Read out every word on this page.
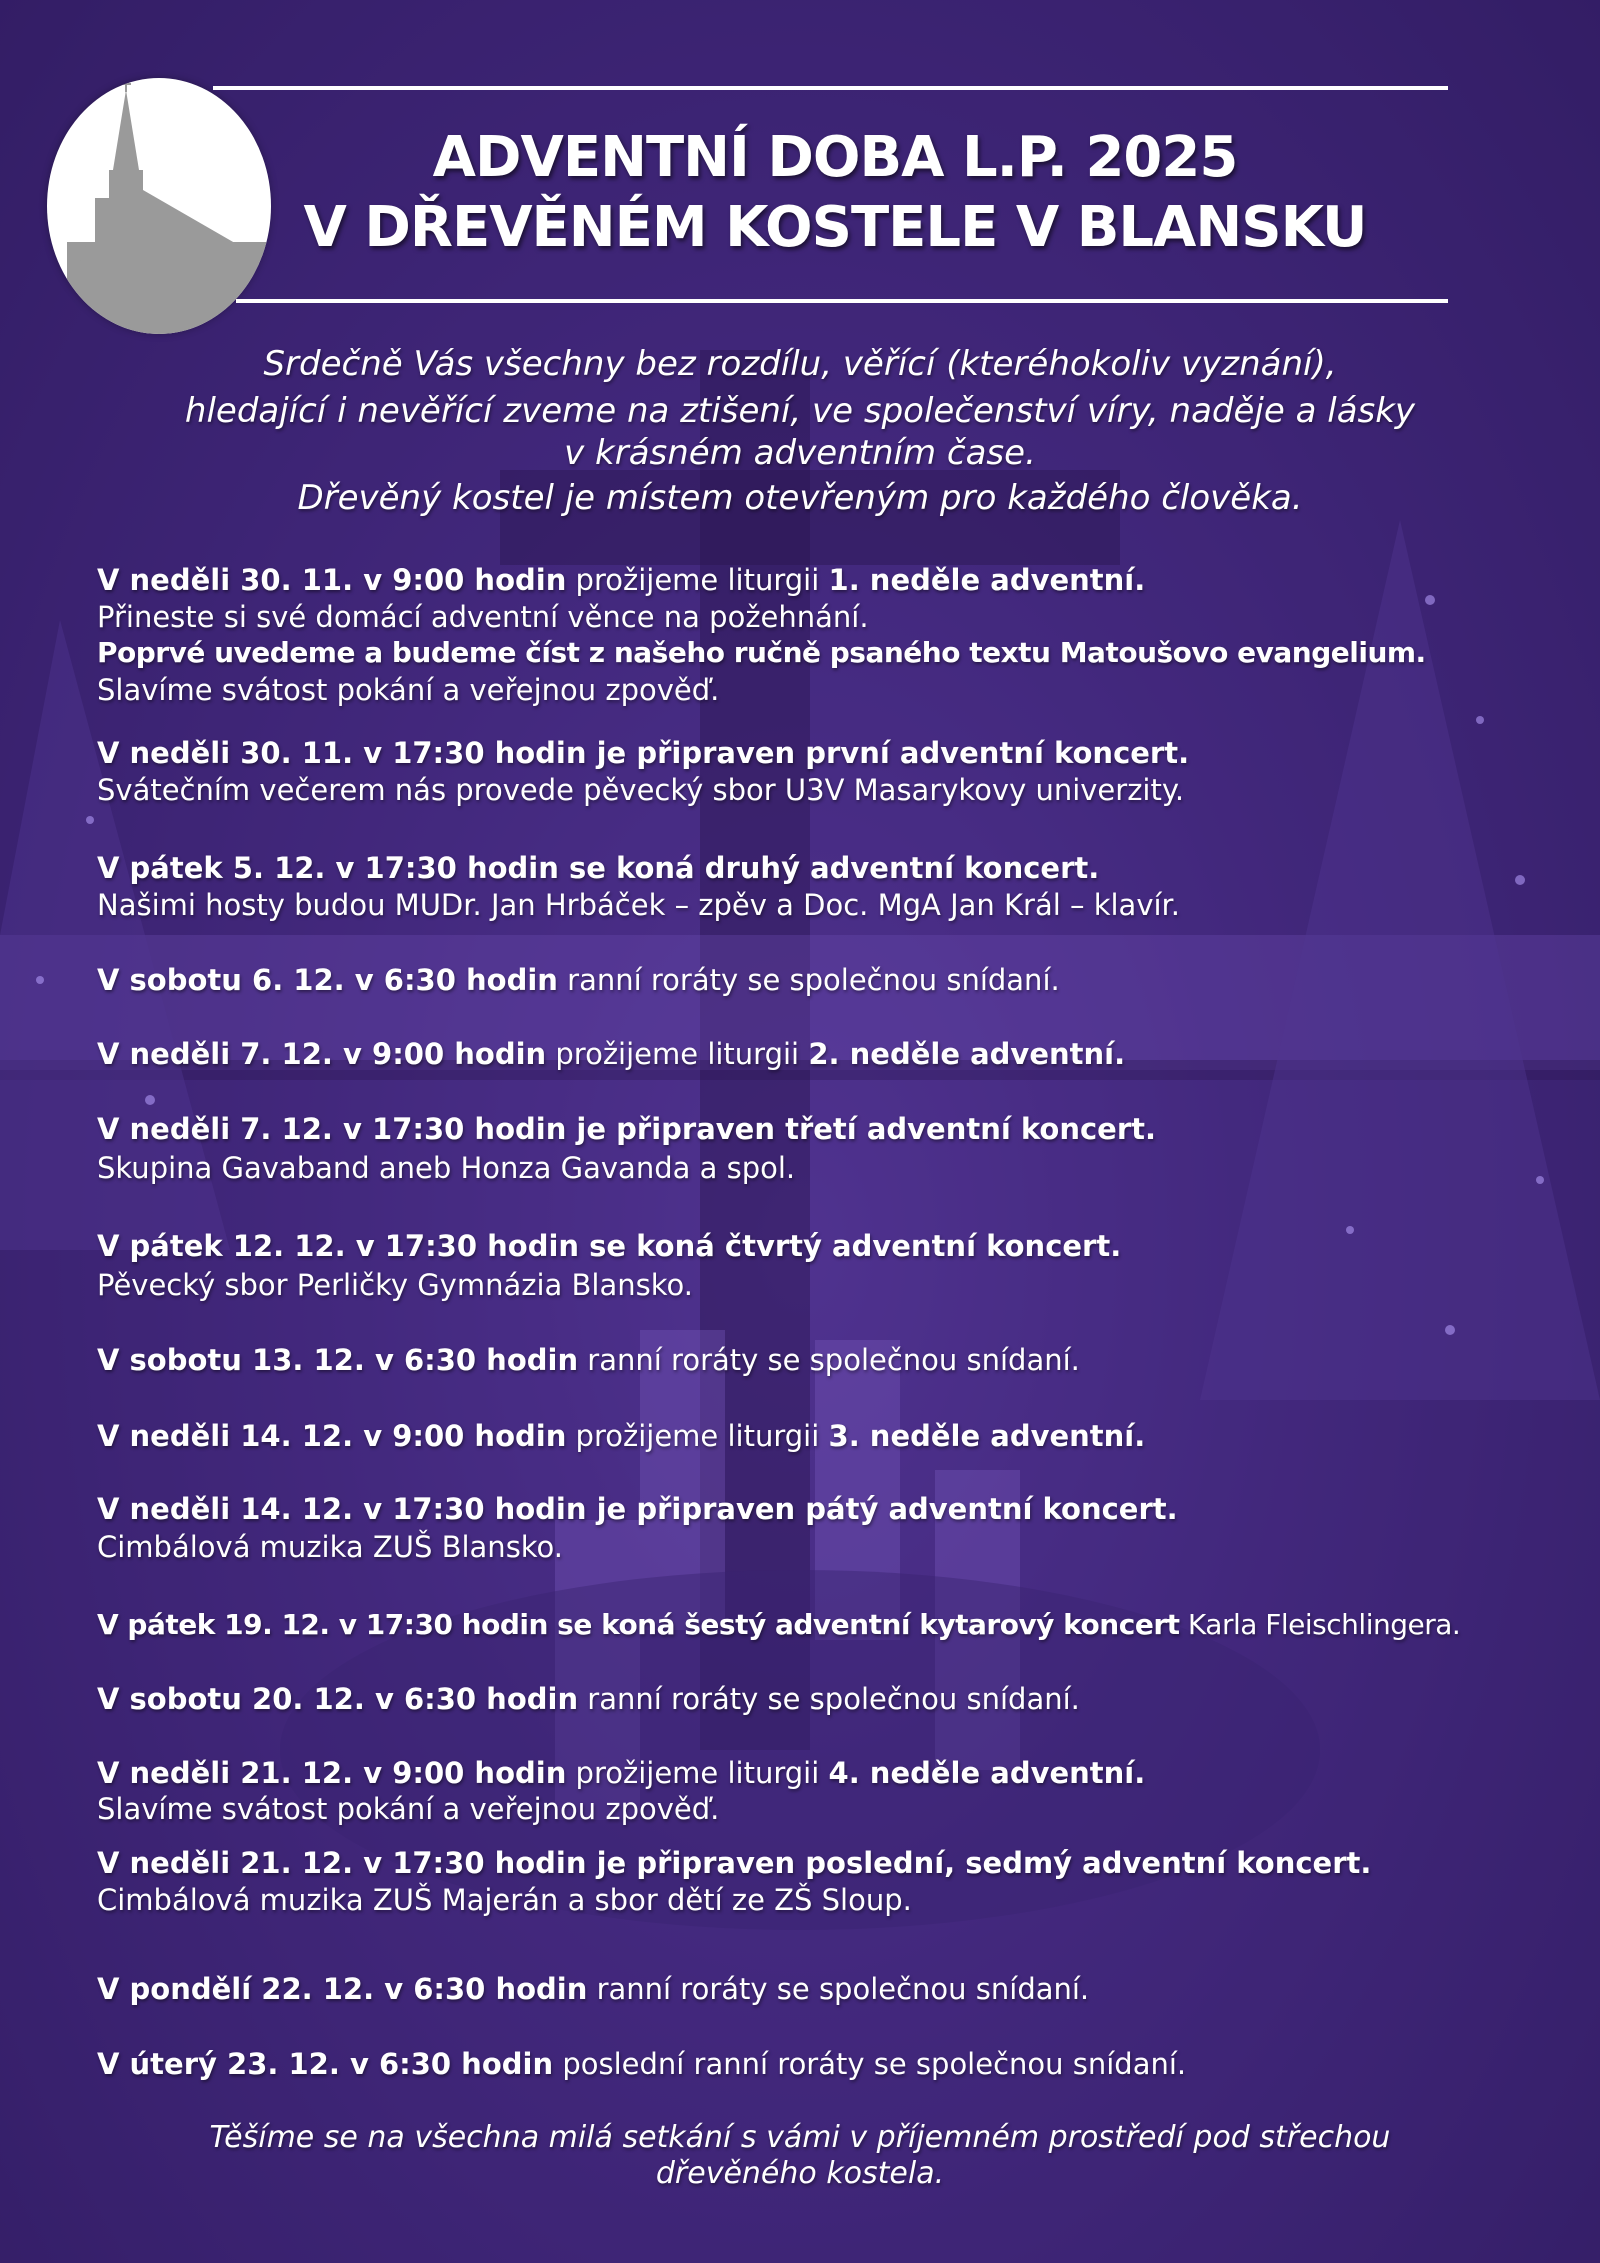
ADVENTNÍ DOBA L.P. 2025
V DŘEVĚNÉM KOSTELE V BLANSKU
Srdečně Vás všechny bez rozdílu, věřící (kteréhokoliv vyznání),
hledající i nevěřící zveme na ztišení, ve společenství víry, naděje a lásky
v krásném adventním čase.
Dřevěný kostel je místem otevřeným pro každého člověka.
V neděli 30. 11. v 9:00 hodin prožijeme liturgii 1. neděle adventní.
Přineste si své domácí adventní věnce na požehnání.
Poprvé uvedeme a budeme číst z našeho ručně psaného textu Matoušovo evangelium.
Slavíme svátost pokání a veřejnou zpověď.
V neděli 30. 11. v 17:30 hodin je připraven první adventní koncert.
Svátečním večerem nás provede pěvecký sbor U3V Masarykovy univerzity.
V pátek 5. 12. v 17:30 hodin se koná druhý adventní koncert.
Našimi hosty budou MUDr. Jan Hrbáček – zpěv a Doc. MgA Jan Král – klavír.
V sobotu 6. 12. v 6:30 hodin ranní roráty se společnou snídaní.
V neděli 7. 12. v 9:00 hodin prožijeme liturgii 2. neděle adventní.
V neděli 7. 12. v 17:30 hodin je připraven třetí adventní koncert.
Skupina Gavaband aneb Honza Gavanda a spol.
V pátek 12. 12. v 17:30 hodin se koná čtvrtý adventní koncert.
Pěvecký sbor Perličky Gymnázia Blansko.
V sobotu 13. 12. v 6:30 hodin ranní roráty se společnou snídaní.
V neděli 14. 12. v 9:00 hodin prožijeme liturgii 3. neděle adventní.
V neděli 14. 12. v 17:30 hodin je připraven pátý adventní koncert.
Cimbálová muzika ZUŠ Blansko.
V pátek 19. 12. v 17:30 hodin se koná šestý adventní kytarový koncert Karla Fleischlingera.
V sobotu 20. 12. v 6:30 hodin ranní roráty se společnou snídaní.
V neděli 21. 12. v 9:00 hodin prožijeme liturgii 4. neděle adventní.
Slavíme svátost pokání a veřejnou zpověď.
V neděli 21. 12. v 17:30 hodin je připraven poslední, sedmý adventní koncert.
Cimbálová muzika ZUŠ Majerán a sbor dětí ze ZŠ Sloup.
V pondělí 22. 12. v 6:30 hodin ranní roráty se společnou snídaní.
V úterý 23. 12. v 6:30 hodin poslední ranní roráty se společnou snídaní.
Těšíme se na všechna milá setkání s vámi v příjemném prostředí pod střechou
dřevěného kostela.
